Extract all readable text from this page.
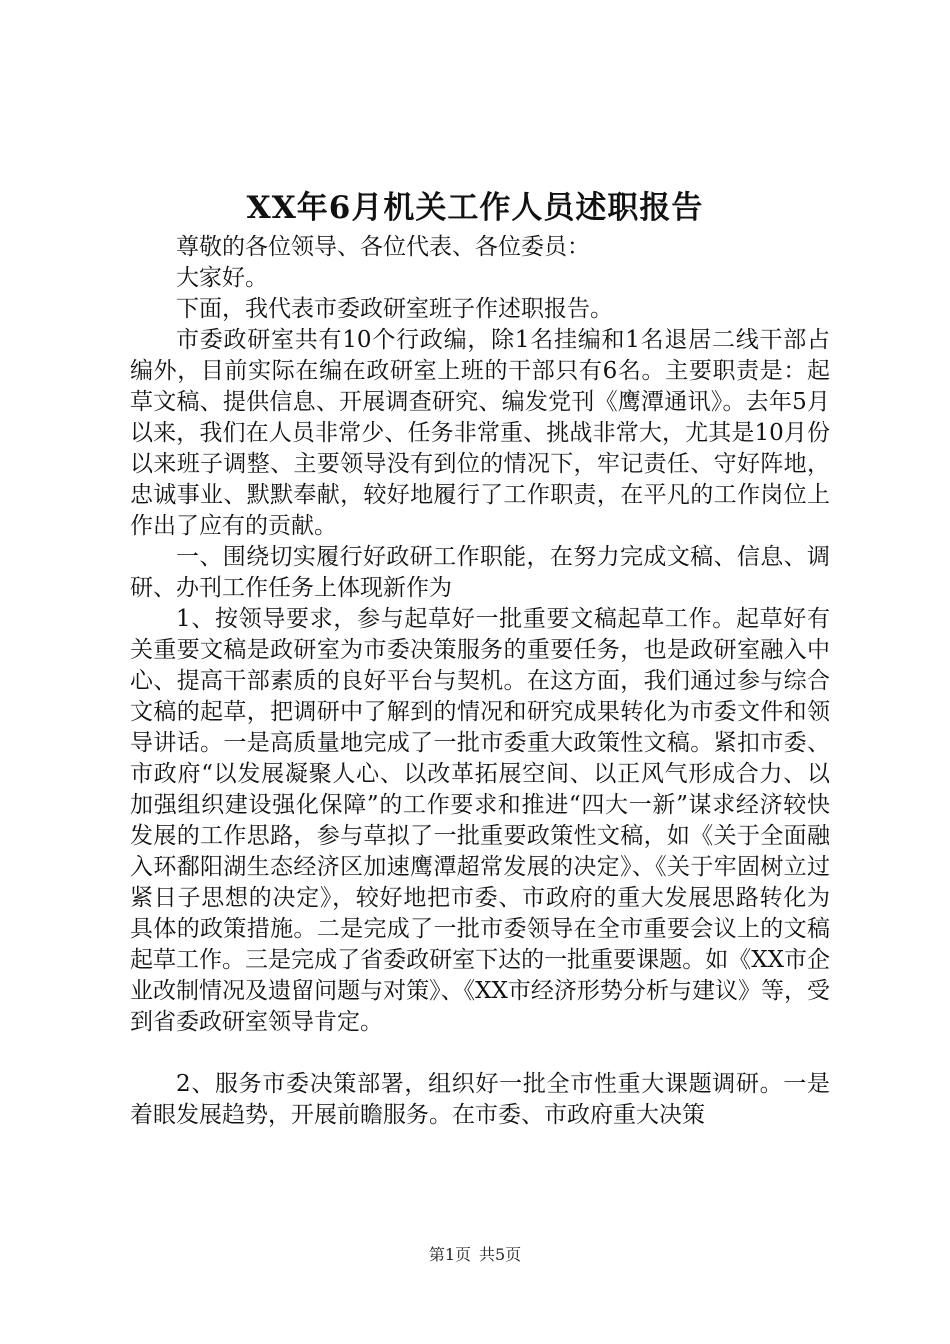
XX年6月机关工作人员述职报告

尊敬的各位领导、各位代表、各位委员：

大家好。

下面，我代表市委政研室班子作述职报告。

市委政研室共有10个行政编，除1名挂编和1名退居二线干部占编外，目前实际在编在政研室上班的干部只有6名。主要职责是：起草文稿、提供信息、开展调查研究、编发党刊《鹰潭通讯》。去年5月以来，我们在人员非常少、任务非常重、挑战非常大，尤其是10月份以来班子调整、主要领导没有到位的情况下，牢记责任、守好阵地，忠诚事业、默默奉献，较好地履行了工作职责，在平凡的工作岗位上作出了应有的贡献。

一、围绕切实履行好政研工作职能，在努力完成文稿、信息、调研、办刊工作任务上体现新作为

1、按领导要求，参与起草好一批重要文稿起草工作。起草好有关重要文稿是政研室为市委决策服务的重要任务，也是政研室融入中心、提高干部素质的良好平台与契机。在这方面，我们通过参与综合文稿的起草，把调研中了解到的情况和研究成果转化为市委文件和领导讲话。一是高质量地完成了一批市委重大政策性文稿。紧扣市委、市政府“以发展凝聚人心、以改革拓展空间、以正风气形成合力、以加强组织建设强化保障”的工作要求和推进“四大一新”谋求经济较快发展的工作思路，参与草拟了一批重要政策性文稿，如《关于全面融入环鄱阳湖生态经济区加速鹰潭超常发展的决定》、《关于牢固树立过紧日子思想的决定》，较好地把市委、市政府的重大发展思路转化为具体的政策措施。二是完成了一批市委领导在全市重要会议上的文稿起草工作。三是完成了省委政研室下达的一批重要课题。如《XX市企业改制情况及遗留问题与对策》、《XX市经济形势分析与建议》等，受到省委政研室领导肯定。

2、服务市委决策部署，组织好一批全市性重大课题调研。一是着眼发展趋势，开展前瞻服务。在市委、市政府重大决策

第1页 共5页
